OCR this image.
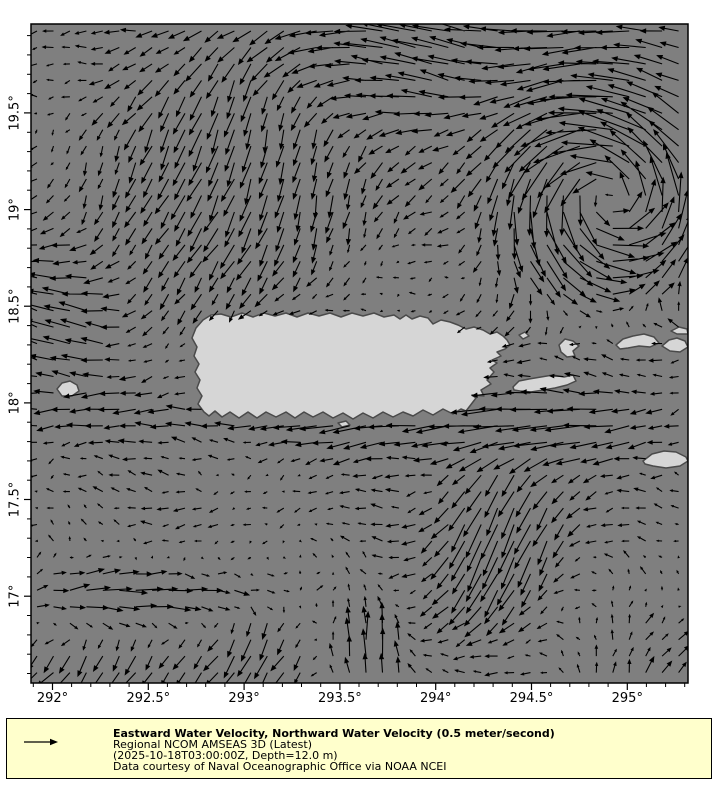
292°	292.5°	293°	293.5°	294°	294.5°	295°
17°
17.5°
18°
18.5°
19°
19.5°
Eastward Water Velocity, Northward Water Velocity (0.5 meter/second)
Regional NCOM AMSEAS 3D (Latest)
(2025-10-18T03:00:00Z, Depth=12.0 m)
Data courtesy of Naval Oceanographic Office via NOAA NCEI
